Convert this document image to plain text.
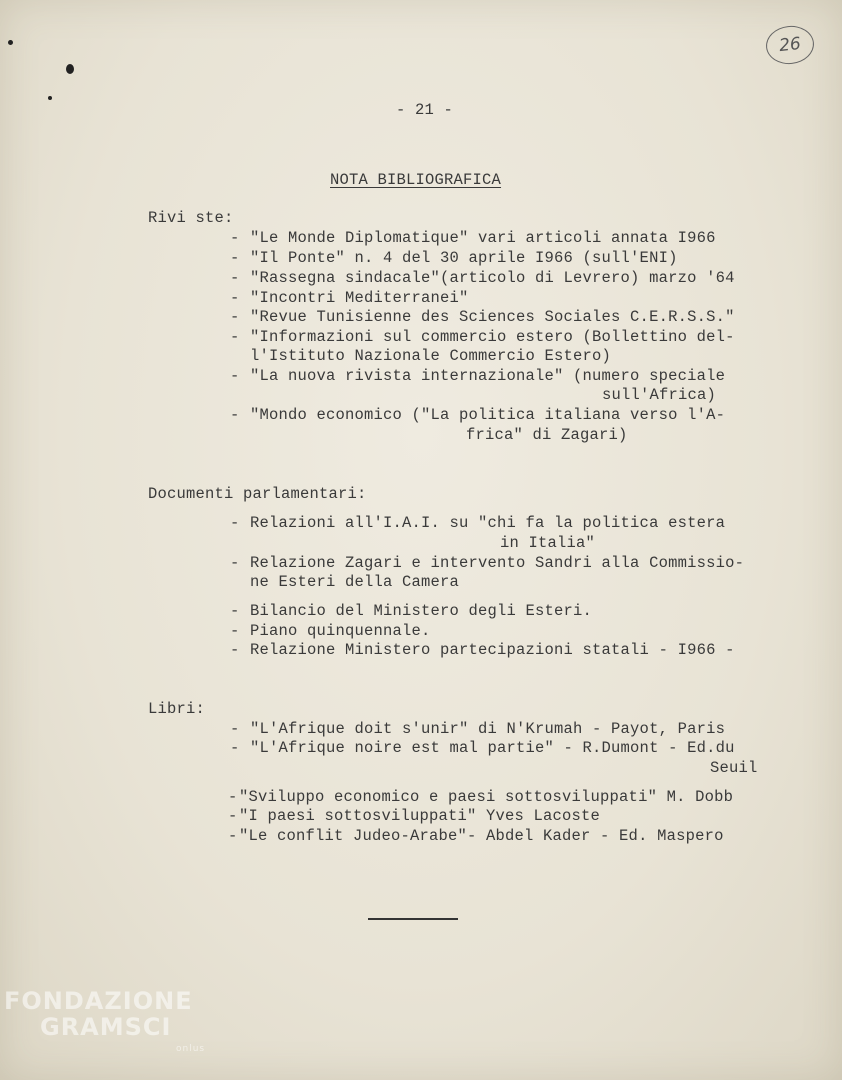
26
- 21 -
NOTA BIBLIOGRAFICA
Rivi ste:
- "Le Monde Diplomatique" vari articoli annata I966
- "Il Ponte" n. 4 del 30 aprile I966 (sull'ENI)
- "Rassegna sindacale"(articolo di Levrero) marzo '64
- "Incontri Mediterranei"
- "Revue Tunisienne des Sciences Sociales C.E.R.S.S."
- "Informazioni sul commercio estero (Bollettino del-
l'Istituto Nazionale Commercio Estero)
- "La nuova rivista internazionale" (numero speciale
sull'Africa)
- "Mondo economico ("La politica italiana verso l'A-
frica" di Zagari)
Documenti parlamentari:
- Relazioni all'I.A.I. su "chi fa la politica estera
in Italia"
- Relazione Zagari e intervento Sandri alla Commissio-
ne Esteri della Camera
- Bilancio del Ministero degli Esteri.
- Piano quinquennale.
- Relazione Ministero partecipazioni statali - I966 -
Libri:
- "L'Afrique doit s'unir" di N'Krumah - Payot, Paris
- "L'Afrique noire est mal partie" - R.Dumont - Ed.du
Seuil
- "Sviluppo economico e paesi sottosviluppati" M. Dobb
- "I paesi sottosviluppati" Yves Lacoste
- "Le conflit Judeo-Arabe"- Abdel Kader - Ed. Maspero
FONDAZIONE
GRAMSCI
onlus
